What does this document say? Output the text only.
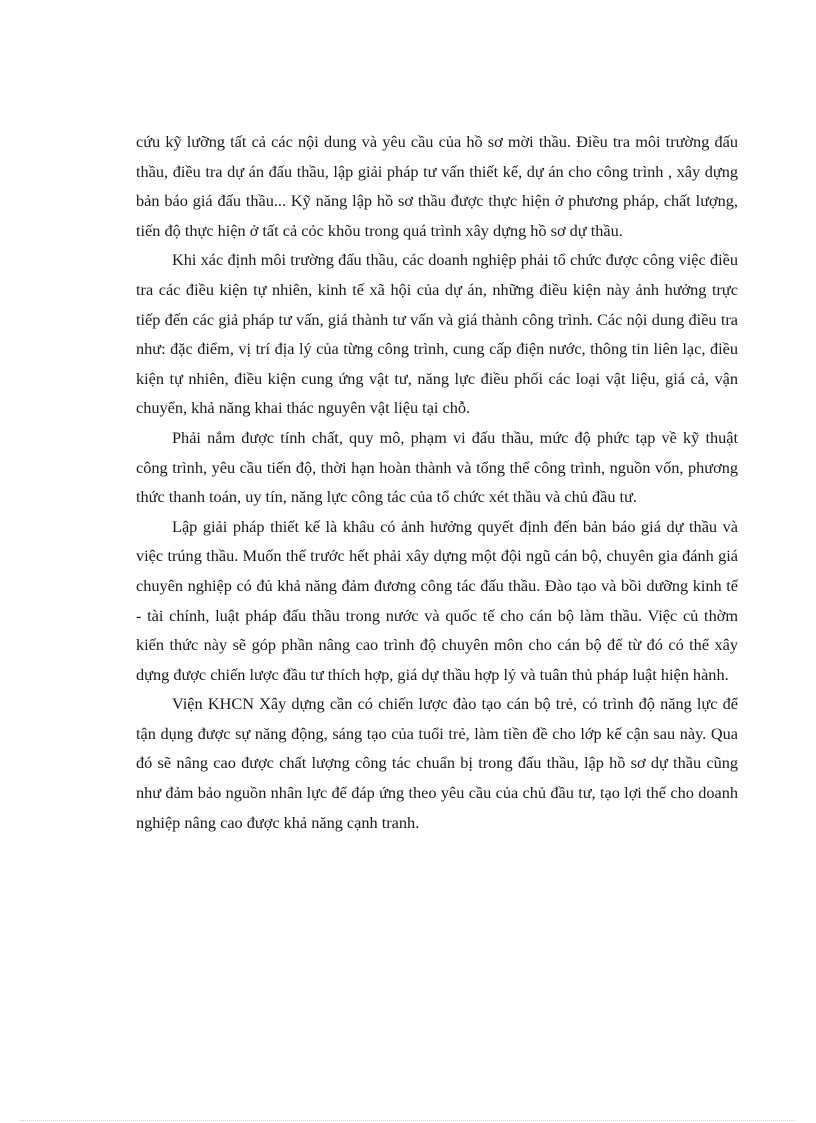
cứu kỹ lưỡng tất cả các nội dung và yêu cầu của hồ sơ mời thầu. Điều tra môi trường đấu thầu, điều tra dự án đấu thầu, lập giải pháp tư vấn thiết kế, dự án cho công trình , xây dựng bản báo giá đấu thầu... Kỹ năng lập hồ sơ thầu được thực hiện ở phương pháp, chất lượng, tiến độ thực hiện ở tất cả cỏc khõu trong quá trình xây dựng hồ sơ dự thầu.

Khi xác định môi trường đấu thầu, các doanh nghiệp phải tổ chức được công việc điều tra các điều kiện tự nhiên, kinh tế xã hội của dự án, những điều kiện này ảnh hưởng trực tiếp đến các giả pháp tư vấn, giá thành tư vấn và giá thành công trình. Các nội dung điều tra như: đặc điểm, vị trí địa lý của từng công trình, cung cấp điện nước, thông tin liên lạc, điều kiện tự nhiên, điều kiện cung ứng vật tư, năng lực điều phối các loại vật liệu, giá cả, vận chuyển, khả năng khai thác nguyên vật liệu tại chỗ.

Phải nắm được tính chất, quy mô, phạm vi đấu thầu, mức độ phức tạp về kỹ thuật công trình, yêu cầu tiến độ, thời hạn hoàn thành và tổng thể công trình, nguồn vốn, phương thức thanh toán, uy tín, năng lực công tác của tổ chức xét thầu và chủ đầu tư.

Lập giải pháp thiết kế là khâu có ảnh hưởng quyết định đến bản báo giá dự thầu và việc trúng thầu. Muốn thế trước hết phải xây dựng một đội ngũ cán bộ, chuyên gia đánh giá chuyên nghiệp có đủ khả năng đảm đương công tác đấu thầu. Đào tạo và bồi dưỡng kinh tế - tài chính, luật pháp đấu thầu trong nước và quốc tế cho cán bộ làm thầu. Việc củ thờm kiến thức này sẽ góp phần nâng cao trình độ chuyên môn cho cán bộ để từ đó có thể xây dựng được chiến lược đầu tư thích hợp, giá dự thầu hợp lý và tuân thủ pháp luật hiện hành.

Viện KHCN Xây dựng cần có chiến lược đào tạo cán bộ trẻ, có trình độ năng lực để tận dụng được sự năng động, sáng tạo của tuổi trẻ, làm tiền đề cho lớp kế cận sau này. Qua đó sẽ nâng cao được chất lượng công tác chuẩn bị trong đấu thầu, lập hồ sơ dự thầu cũng như đảm bảo nguồn nhân lực để đáp ứng theo yêu cầu của chủ đầu tư, tạo lợi thế cho doanh nghiệp nâng cao được khả năng cạnh tranh.
